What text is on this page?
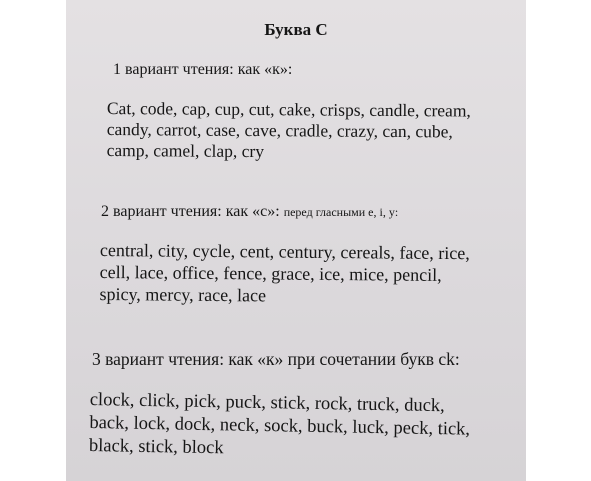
Буква С

1 вариант чтения: как «к»:

Cat, code, cap, cup, cut, cake, crisps, candle, cream,
candy, carrot, case, cave, cradle, crazy, can, cube,
camp, camel, clap, cry

2 вариант чтения: как «с»: перед гласными e, i, y:

central, city, cycle, cent, century, cereals, face, rice,
cell, lace, office, fence, grace, ice, mice, pencil,
spicy, mercy, race, lace

3 вариант чтения: как «к» при сочетании букв ck:

clock, click, pick, puck, stick, rock, truck, duck,
back, lock, dock, neck, sock, buck, luck, peck, tick,
black, stick, block
